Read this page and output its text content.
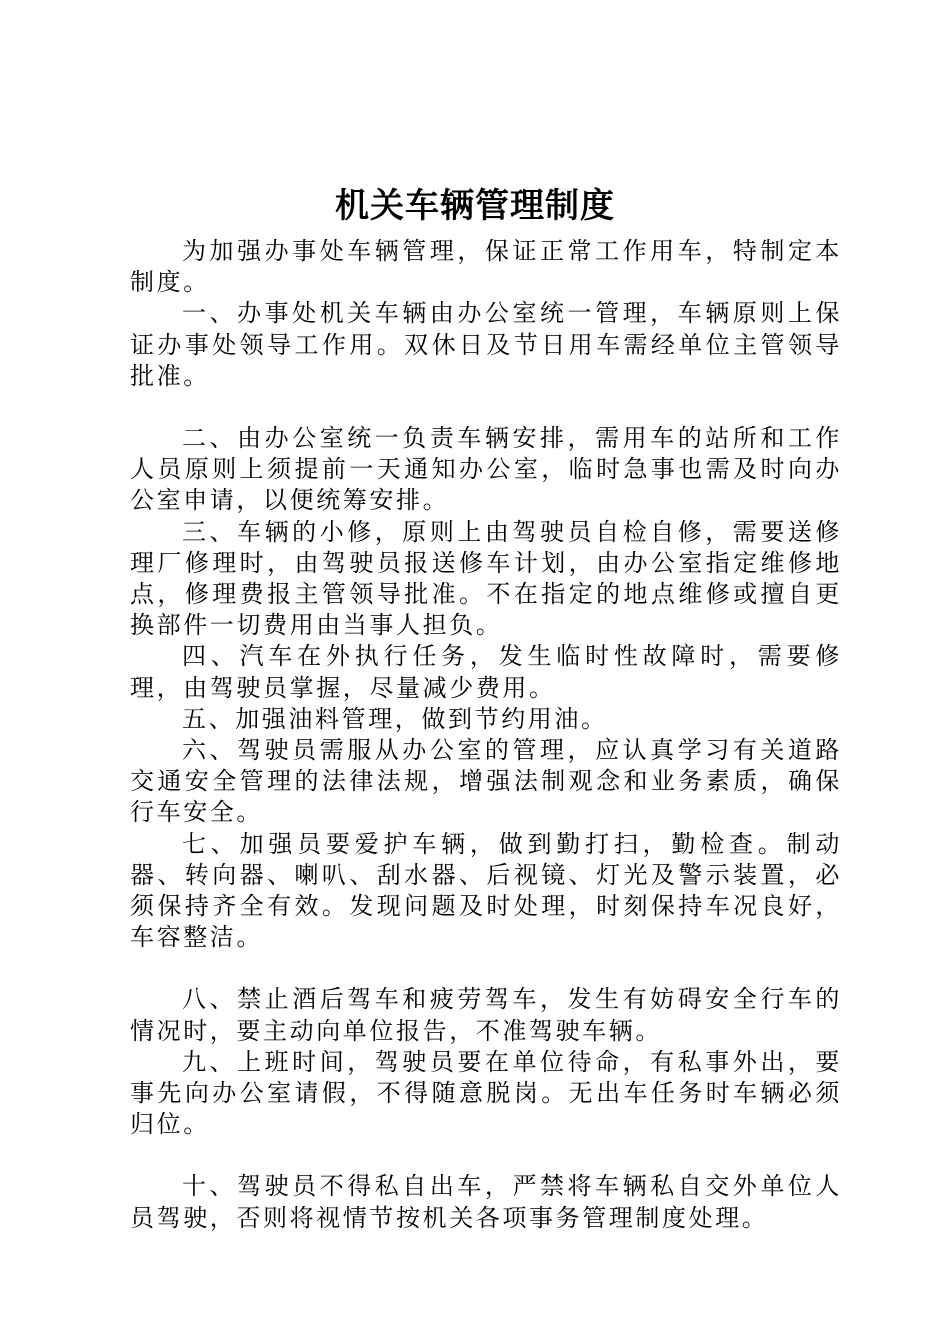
机关车辆管理制度

为加强办事处车辆管理，保证正常工作用车，特制定本制度。

一、办事处机关车辆由办公室统一管理，车辆原则上保证办事处领导工作用。双休日及节日用车需经单位主管领导批准。

二、由办公室统一负责车辆安排，需用车的站所和工作人员原则上须提前一天通知办公室，临时急事也需及时向办公室申请，以便统筹安排。

三、车辆的小修，原则上由驾驶员自检自修，需要送修理厂修理时，由驾驶员报送修车计划，由办公室指定维修地点，修理费报主管领导批准。不在指定的地点维修或擅自更换部件一切费用由当事人担负。

四、汽车在外执行任务，发生临时性故障时，需要修理，由驾驶员掌握，尽量减少费用。

五、加强油料管理，做到节约用油。

六、驾驶员需服从办公室的管理，应认真学习有关道路交通安全管理的法律法规，增强法制观念和业务素质，确保行车安全。

七、加强员要爱护车辆，做到勤打扫，勤检查。制动器、转向器、喇叭、刮水器、后视镜、灯光及警示装置，必须保持齐全有效。发现问题及时处理，时刻保持车况良好，车容整洁。

八、禁止酒后驾车和疲劳驾车，发生有妨碍安全行车的情况时，要主动向单位报告，不准驾驶车辆。

九、上班时间，驾驶员要在单位待命，有私事外出，要事先向办公室请假，不得随意脱岗。无出车任务时车辆必须归位。

十、驾驶员不得私自出车，严禁将车辆私自交外单位人员驾驶，否则将视情节按机关各项事务管理制度处理。
